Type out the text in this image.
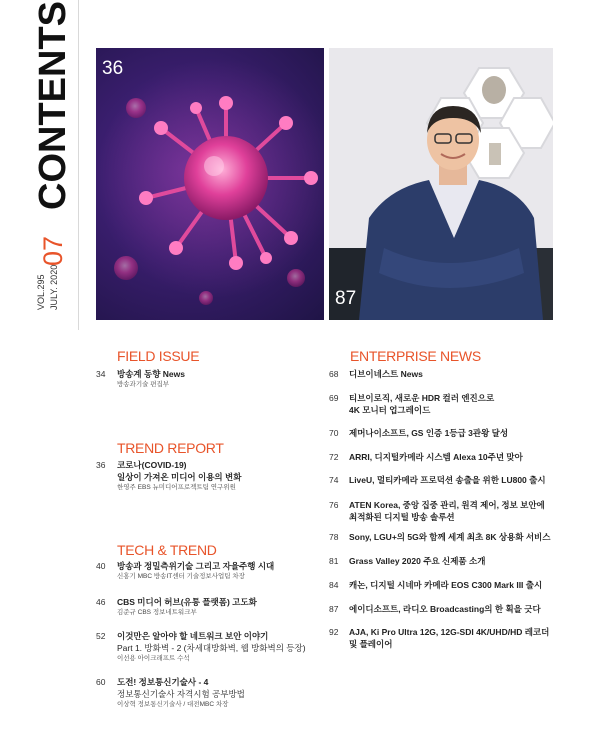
CONTENTS
07
VOL.295 JULY. 2020
36
87
FIELD ISSUE
34 방송계 동향 News
방송과기술 편집부
TREND REPORT
36 코로나(COVID-19)
일상이 가져온 미디어 이용의 변화
한영주 EBS 뉴미디어프로젝트팀 연구위원
TECH & TREND
40 방송과 정밀측위기술 그리고 자율주행 시대
신홍기 MBC 방송IT센터 기술정보사업팀 차장
46 CBS 미디어 허브(유통 플랫폼) 고도화
김준규 CBS 정보네트워크부
52 이것만은 알아야 할 네트워크 보안 이야기
Part 1. 방화벽 - 2 (차세대방화벽, 웹 방화벽의 등장)
이선용 아이크래프트 수석
60 도전! 정보통신기술사 - 4
정보통신기술사 자격시험 공부방법
이상혁 정보통신기술사 / 대전MBC 차장
ENTERPRISE NEWS
68 디브이네스트 News
69 티브이로직, 새로운 HDR 컬러 엔진으로
4K 모니터 업그레이드
70 제머나이소프트, GS 인증 1등급 3관왕 달성
72 ARRI, 디지털카메라 시스템 Alexa 10주년 맞아
74 LiveU, 멀티카메라 프로덕션 송출을 위한 LU800 출시
76 ATEN Korea, 중앙 집중 관리, 원격 제어, 정보 보안에
최적화된 디지털 방송 솔루션
78 Sony, LGU+의 5G와 함께 세계 최초 8K 상용화 서비스
81 Grass Valley 2020 주요 신제품 소개
84 캐논, 디지털 시네마 카메라 EOS C300 Mark III 출시
87 에이디소프트, 라디오 Broadcasting의 한 획을 긋다
92 AJA, Ki Pro Ultra 12G, 12G-SDI 4K/UHD/HD 레코더
및 플레이어
